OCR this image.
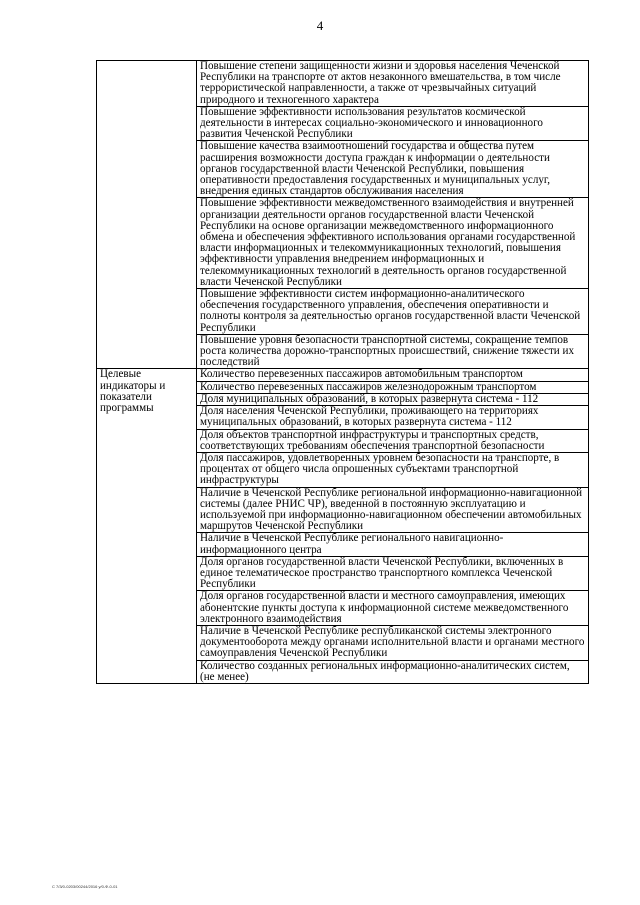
4
	Повышение степени защищенности жизни и здоровья населения Чеченской Республики на транспорте от актов незаконного вмешательства, в том числе террористической направленности, а также от чрезвычайных ситуаций природного и техногенного характера
	Повышение эффективности использования результатов космической деятельности в интересах социально-экономического и инновационного развития Чеченской Республики
	Повышение качества взаимоотношений государства и общества путем расширения возможности доступа граждан к информации о деятельности органов государственной власти Чеченской Республики, повышения оперативности предоставления государственных и муниципальных услуг, внедрения единых стандартов обслуживания населения
	Повышение эффективности межведомственного взаимодействия и внутренней организации деятельности органов государственной власти Чеченской Республики на основе организации межведомственного информационного обмена и обеспечения эффективного использования органами государственной власти информационных и телекоммуникационных технологий, повышения эффективности управления внедрением информационных и телекоммуникационных технологий в деятельность органов государственной власти Чеченской Республики
	Повышение эффективности систем информационно-аналитического обеспечения государственного управления, обеспечения оперативности и полноты контроля за деятельностью органов государственной власти Чеченской Республики
	Повышение уровня безопасности транспортной системы, сокращение темпов роста количества дорожно-транспортных происшествий, снижение тяжести их последствий
Целевые индикаторы и показатели программы	Количество перевезенных пассажиров автомобильным транспортом
	Количество перевезенных пассажиров железнодорожным транспортом
	Доля муниципальных образований, в которых развернута система - 112
	Доля населения Чеченской Республики, проживающего на территориях муниципальных образований, в которых развернута система - 112
	Доля объектов транспортной инфраструктуры и транспортных средств, соответствующих требованиям обеспечения транспортной безопасности
	Доля пассажиров, удовлетворенных уровнем безопасности на транспорте, в процентах от общего числа опрошенных субъектами транспортной инфраструктуры
	Наличие в Чеченской Республике региональной информационно-навигационной системы (далее РНИС ЧР), введенной в постоянную эксплуатацию и используемой при информационно-навигационном обеспечении автомобильных маршрутов Чеченской Республики
	Наличие в Чеченской Республике регионального навигационно-информационного центра
	Доля органов государственной власти Чеченской Республики, включенных в единое телематическое пространство транспортного комплекса Чеченской Республики
	Доля органов государственной власти и местного самоуправления, имеющих абонентские пункты доступа к информационной системе межведомственного электронного взаимодействия
	Наличие в Чеченской Республике республиканской системы электронного документооборота между органами исполнительной власти и органами местного самоуправления Чеченской Республики
	Количество созданных региональных информационно-аналитических систем, (не менее)
С 7/3/0-0203/00244/2016 у/0-Ф-0-01
